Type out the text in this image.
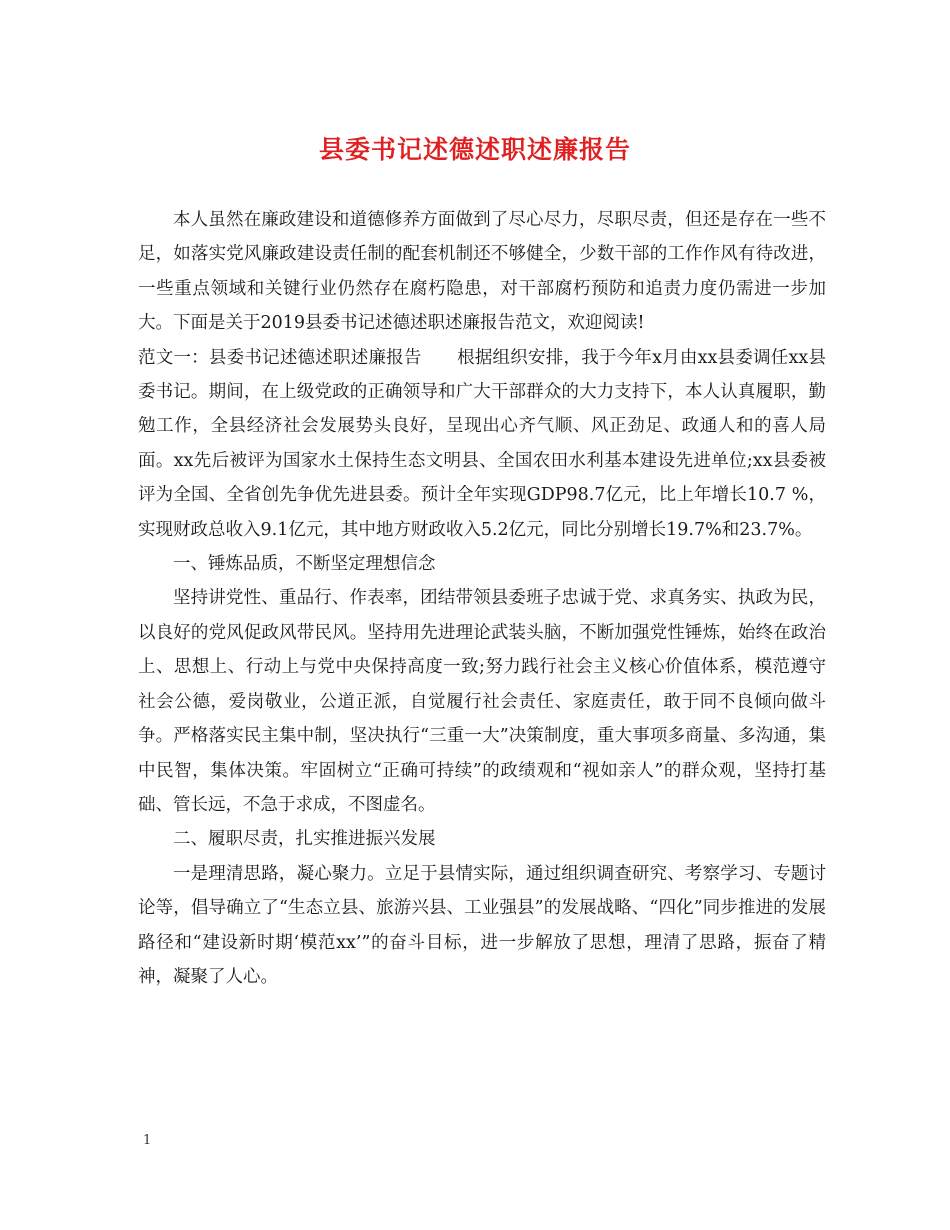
县委书记述德述职述廉报告

本人虽然在廉政建设和道德修养方面做到了尽心尽力，尽职尽责，但还是存在一些不足，如落实党风廉政建设责任制的配套机制还不够健全，少数干部的工作作风有待改进，一些重点领域和关键行业仍然存在腐朽隐患，对干部腐朽预防和追责力度仍需进一步加大。下面是关于2019县委书记述德述职述廉报告范文，欢迎阅读!

范文一：县委书记述德述职述廉报告　　根据组织安排，我于今年x月由xx县委调任xx县委书记。期间，在上级党政的正确领导和广大干部群众的大力支持下，本人认真履职，勤勉工作，全县经济社会发展势头良好，呈现出心齐气顺、风正劲足、政通人和的喜人局面。xx先后被评为国家水土保持生态文明县、全国农田水利基本建设先进单位;xx县委被评为全国、全省创先争优先进县委。预计全年实现GDP98.7亿元，比上年增长10.7 %，实现财政总收入9.1亿元，其中地方财政收入5.2亿元，同比分别增长19.7%和23.7%。

一、锤炼品质，不断坚定理想信念

坚持讲党性、重品行、作表率，团结带领县委班子忠诚于党、求真务实、执政为民，以良好的党风促政风带民风。坚持用先进理论武装头脑，不断加强党性锤炼，始终在政治上、思想上、行动上与党中央保持高度一致;努力践行社会主义核心价值体系，模范遵守社会公德，爱岗敬业，公道正派，自觉履行社会责任、家庭责任，敢于同不良倾向做斗争。严格落实民主集中制，坚决执行“三重一大”决策制度，重大事项多商量、多沟通，集中民智，集体决策。牢固树立“正确可持续”的政绩观和“视如亲人”的群众观，坚持打基础、管长远，不急于求成，不图虚名。

二、履职尽责，扎实推进振兴发展

一是理清思路，凝心聚力。立足于县情实际，通过组织调查研究、考察学习、专题讨论等，倡导确立了“生态立县、旅游兴县、工业强县”的发展战略、“四化”同步推进的发展路径和“建设新时期‘模范xx’”的奋斗目标，进一步解放了思想，理清了思路，振奋了精神，凝聚了人心。

1
